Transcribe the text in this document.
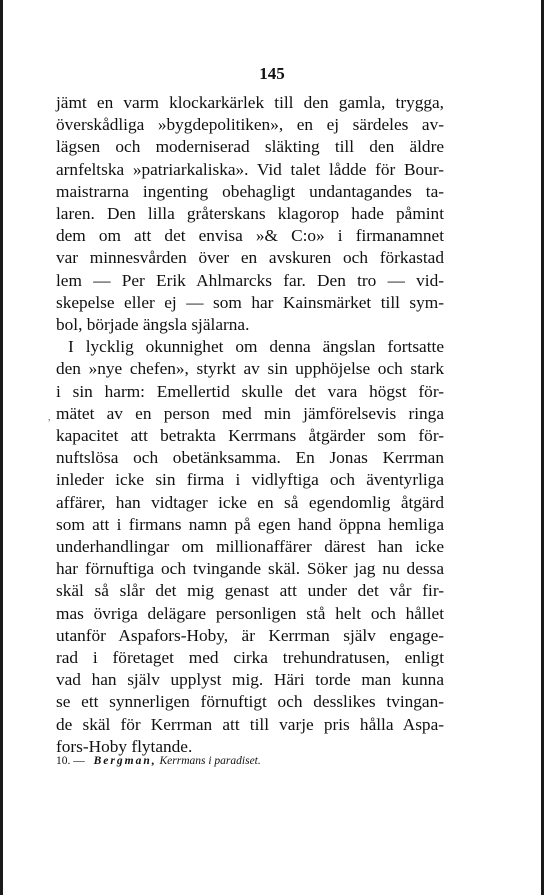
145
jämt en varm klockarkärlek till den gamla, trygga,
överskådliga »bygdepolitiken», en ej särdeles av-
lägsen och moderniserad släkting till den äldre
arnfeltska »patriarkaliska». Vid talet lådde för Bour-
maistrarna ingenting obehagligt undantagandes ta-
laren. Den lilla gråterskans klagorop hade påmint
dem om att det envisa »& C:o» i firmanamnet
var minnesvården över en avskuren och förkastad
lem — Per Erik Ahlmarcks far. Den tro — vid-
skepelse eller ej — som har Kainsmärket till sym-
bol, började ängsla själarna.
I lycklig okunnighet om denna ängslan fortsatte
den »nye chefen», styrkt av sin upphöjelse och stark
i sin harm: Emellertid skulle det vara högst för-
mätet av en person med min jämförelsevis ringa
kapacitet att betrakta Kerrmans åtgärder som för-
nuftslösa och obetänksamma. En Jonas Kerrman
inleder icke sin firma i vidlyftiga och äventyrliga
affärer, han vidtager icke en så egendomlig åtgärd
som att i firmans namn på egen hand öppna hemliga
underhandlingar om millionaffärer därest han icke
har förnuftiga och tvingande skäl. Söker jag nu dessa
skäl så slår det mig genast att under det vår fir-
mas övriga delägare personligen stå helt och hållet
utanför Aspafors-Hoby, är Kerrman själv engage-
rad i företaget med cirka trehundratusen, enligt
vad han själv upplyst mig. Häri torde man kunna
se ett synnerligen förnuftigt och desslikes tvingan-
de skäl för Kerrman att till varje pris hålla Aspa-
fors-Hoby flytande.
,
10. — Bergman, Kerrmans i paradiset.
